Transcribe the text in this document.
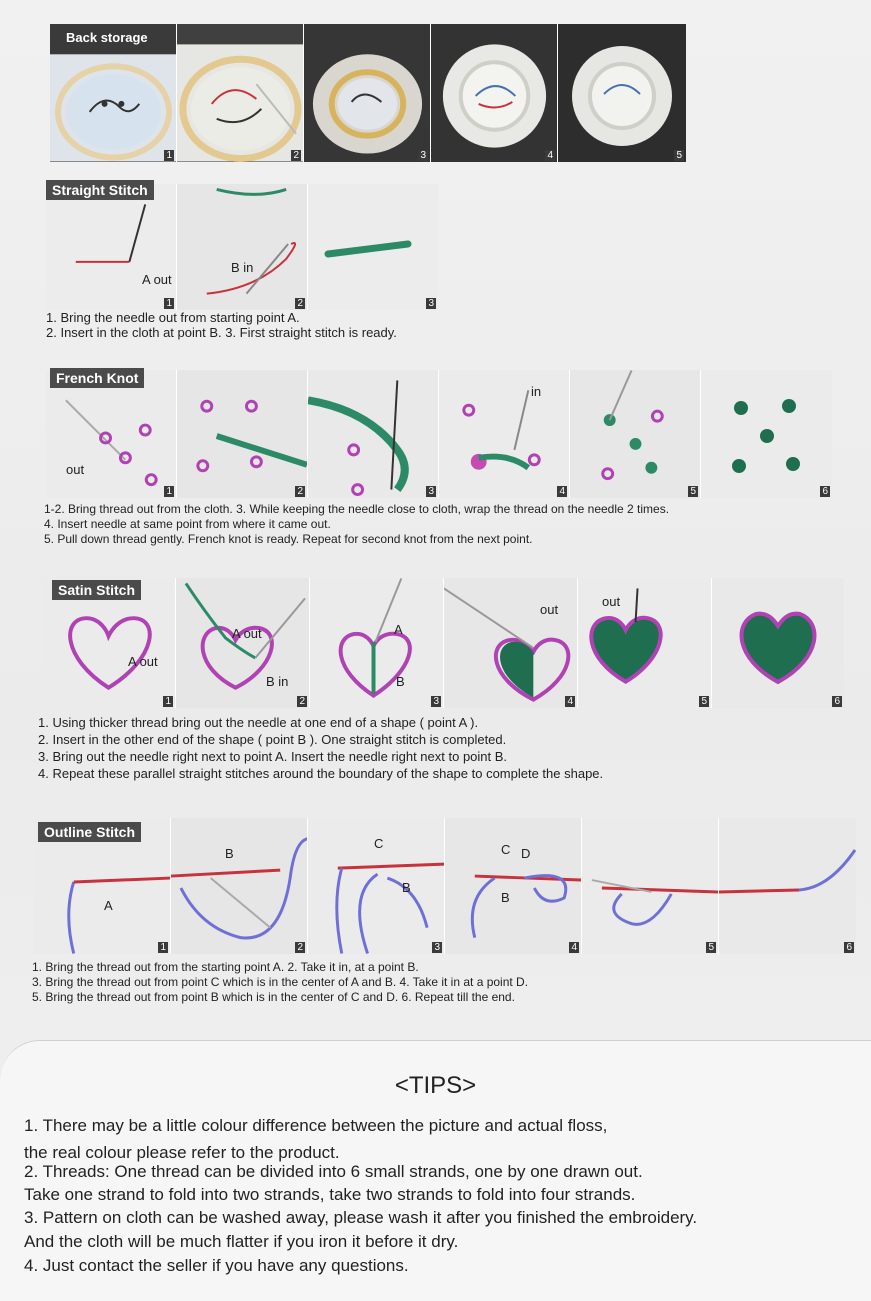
1	2	3	4	5
Back storage
A out
1
B in
2	3
Straight Stitch
1. Bring the needle out from starting point A.
2. Insert in the cloth at point B. 3. First straight stitch is ready.
out
1	2	3
in
4	5	6
French Knot
1-2. Bring thread out from the cloth. 3. While keeping the needle close to cloth, wrap the thread on the needle 2 times.
4. Insert needle at same point from where it came out.
5. Pull down thread gently. French knot is ready. Repeat for second knot from the next point.
A out
1
A out
B in
2
A
B
3
out
4
out
5	6
Satin Stitch
1. Using thicker thread bring out the needle at one end of a shape ( point A ).
2. Insert in the other end of the shape ( point B ). One straight stitch is completed.
3. Bring out the needle right next to point A. Insert the needle right next to point B.
4. Repeat these parallel straight stitches around the boundary of the shape to complete the shape.
A
1
B
2
C
B
3
C D
B
4	5	6
Outline Stitch
1. Bring the thread out from the starting point A. 2. Take it in, at a point B.
3. Bring the thread out from point C which is in the center of A and B. 4. Take it in at a point D.
5. Bring the thread out from point B which is in the center of C and D. 6. Repeat till the end.
<TIPS>
1. There may be a little colour difference between the picture and actual floss,
the real colour please refer to the product.
2. Threads: One thread can be divided into 6 small strands, one by one drawn out.
Take one strand to fold into two strands, take two strands to fold into four strands.
3. Pattern on cloth can be washed away, please wash it after you finished the embroidery.
And the cloth will be much flatter if you iron it before it dry.
4. Just contact the seller if you have any questions.
